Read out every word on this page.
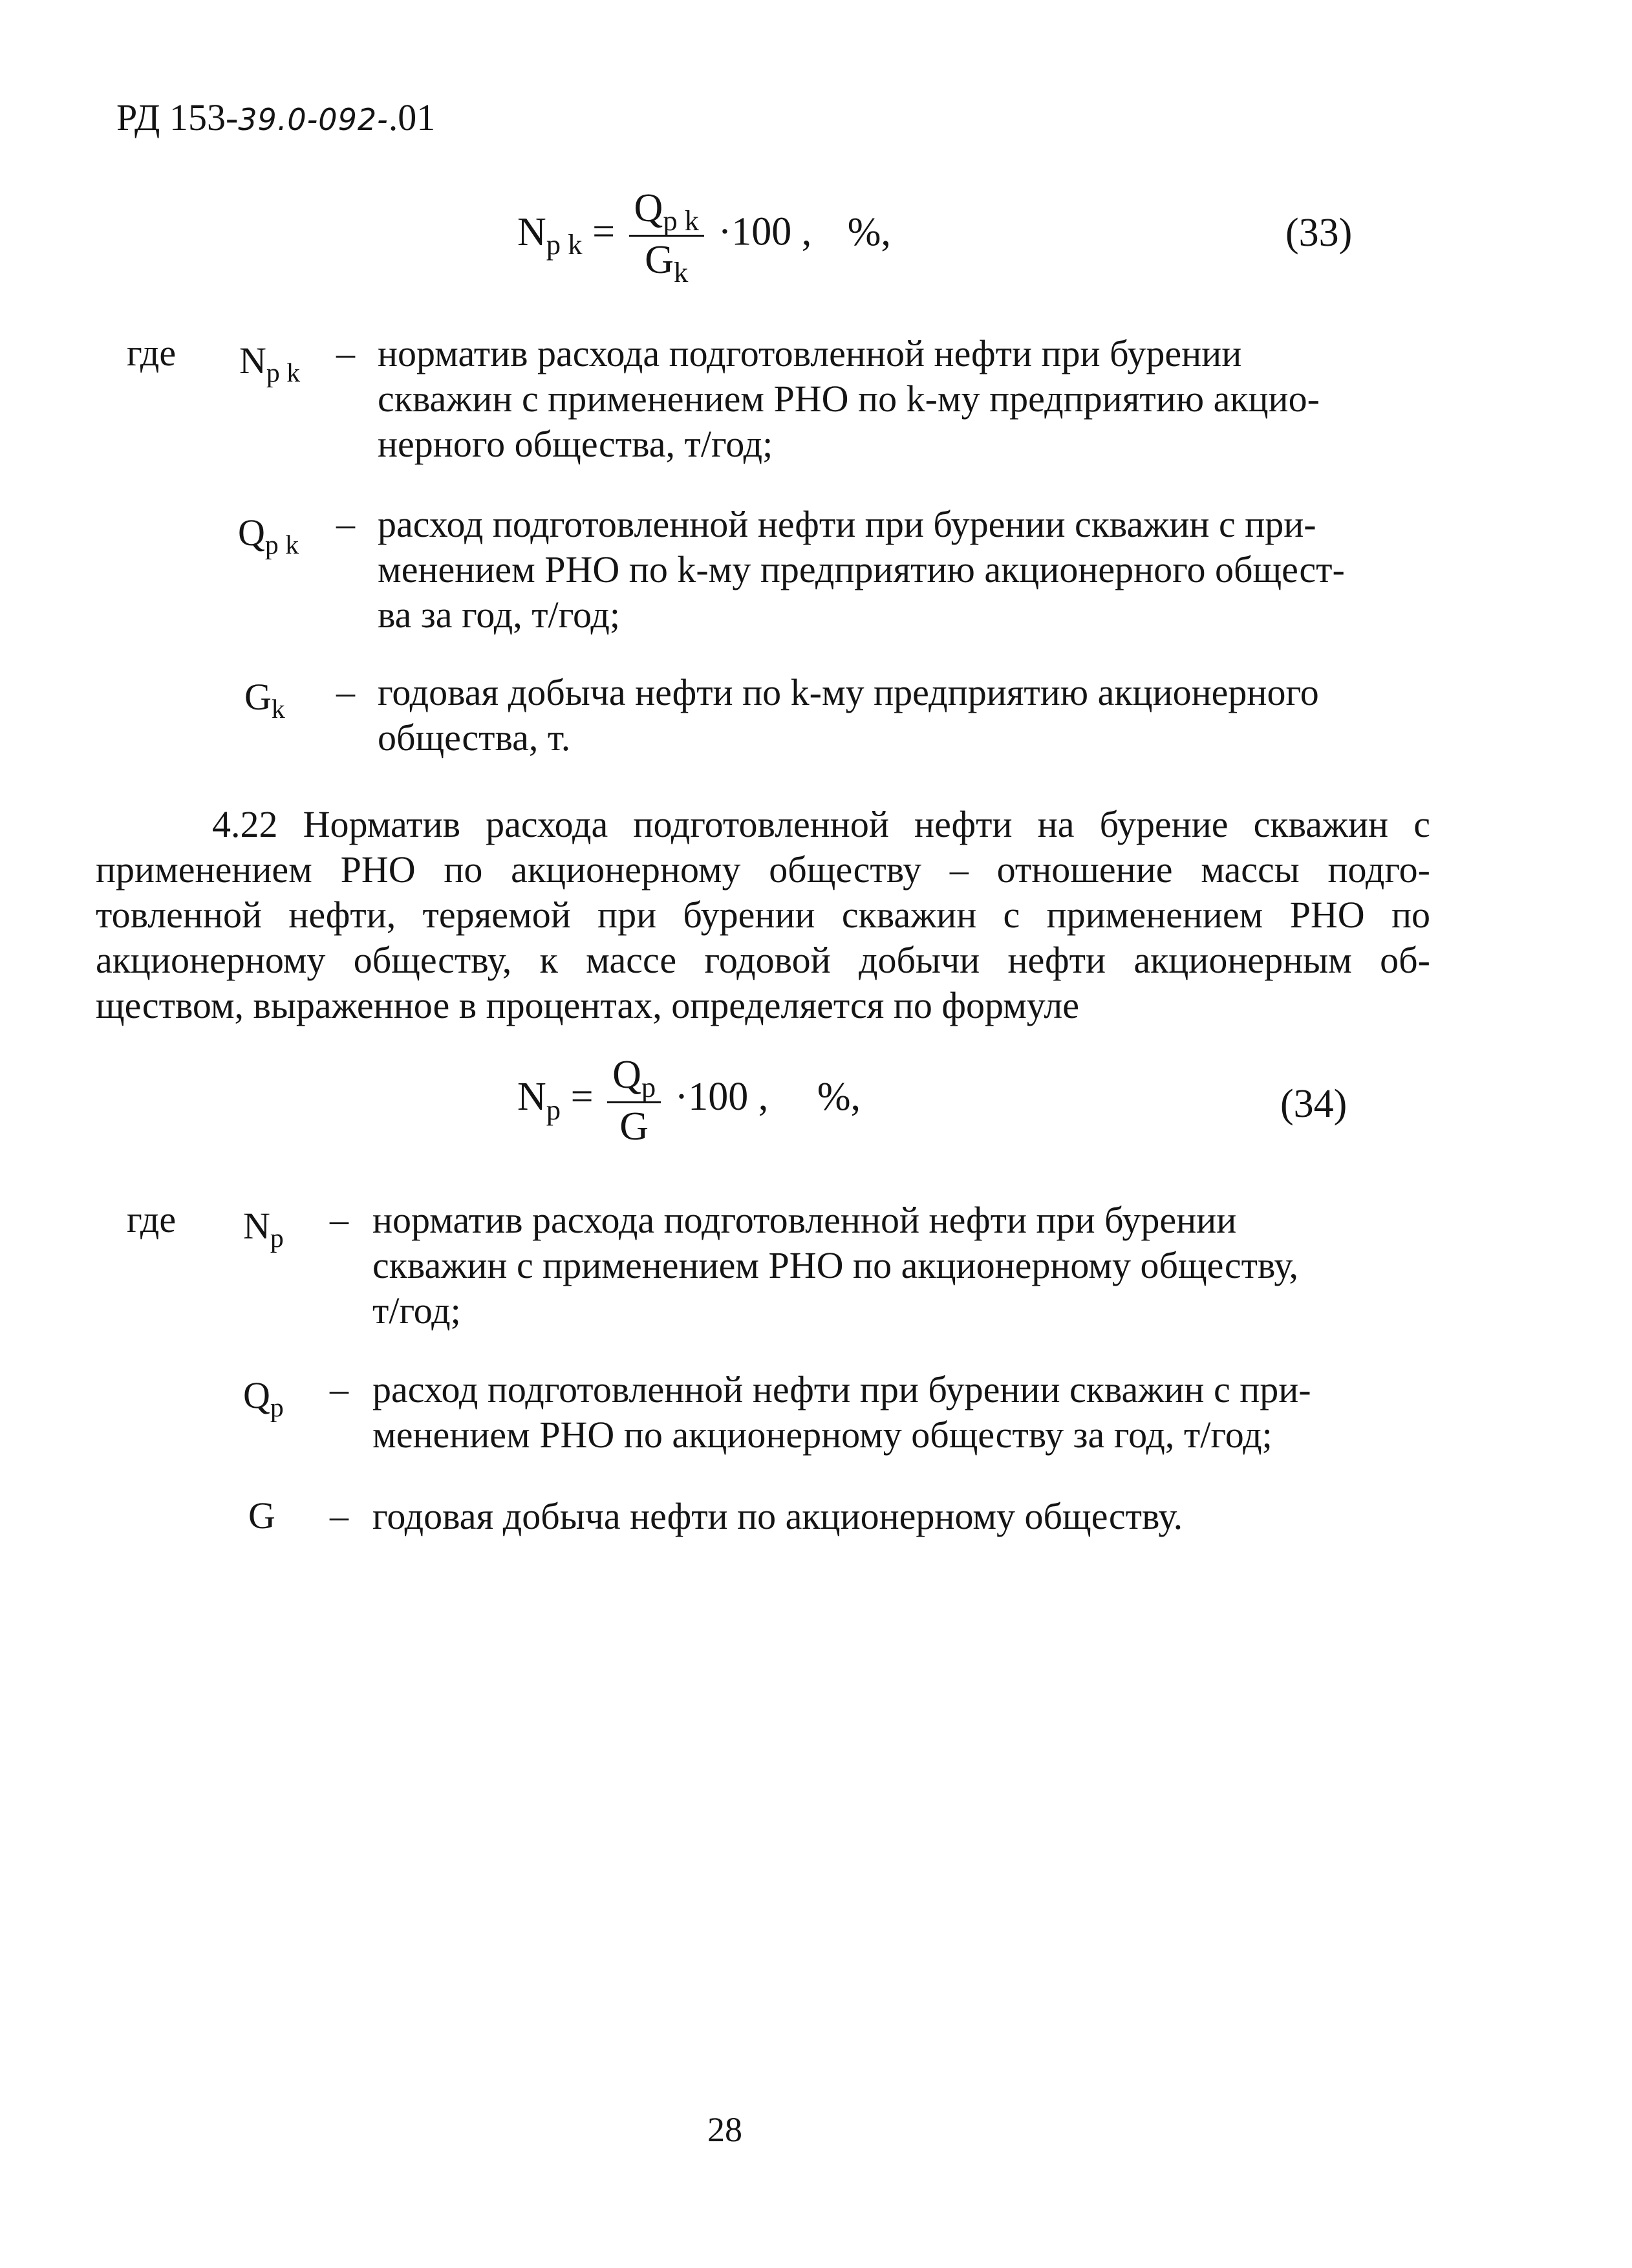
РД 153-39.0-092-.01
$N_{p k} = \frac{Q_{p k}}{G_k} \cdot 100$ , %,	(33)
где $N_{p k}$ – норматив расхода подготовленной нефти при бурении
скважин с применением РНО по k-му предприятию акцио-
нерного общества, т/год;
$Q_{p k}$
– расход подготовленной нефти при бурении скважин с при-
менением РНО по k-му предприятию акционерного общест-
ва за год, т/год;
$G_k$ – годовая добыча нефти по k-му предприятию акционерного
общества, т.
4.22 Норматив расхода подготовленной нефти на бурение скважин с
применением РНО по акционерному обществу – отношение массы подго-
товленной нефти, теряемой при бурении скважин с применением РНО по
акционерному обществу, к массе годовой добычи нефти акционерным об-
ществом, выраженное в процентах, определяется по формуле
$N_p = \frac{Q_p}{G} \cdot 100$ , %,	(34)
где $N_p$ – норматив расхода подготовленной нефти при бурении
скважин с применением РНО по акционерному обществу,
т/год;
$Q_p$ – расход подготовленной нефти при бурении скважин с при-
менением РНО по акционерному обществу за год, т/год;
G – годовая добыча нефти по акционерному обществу.
28
